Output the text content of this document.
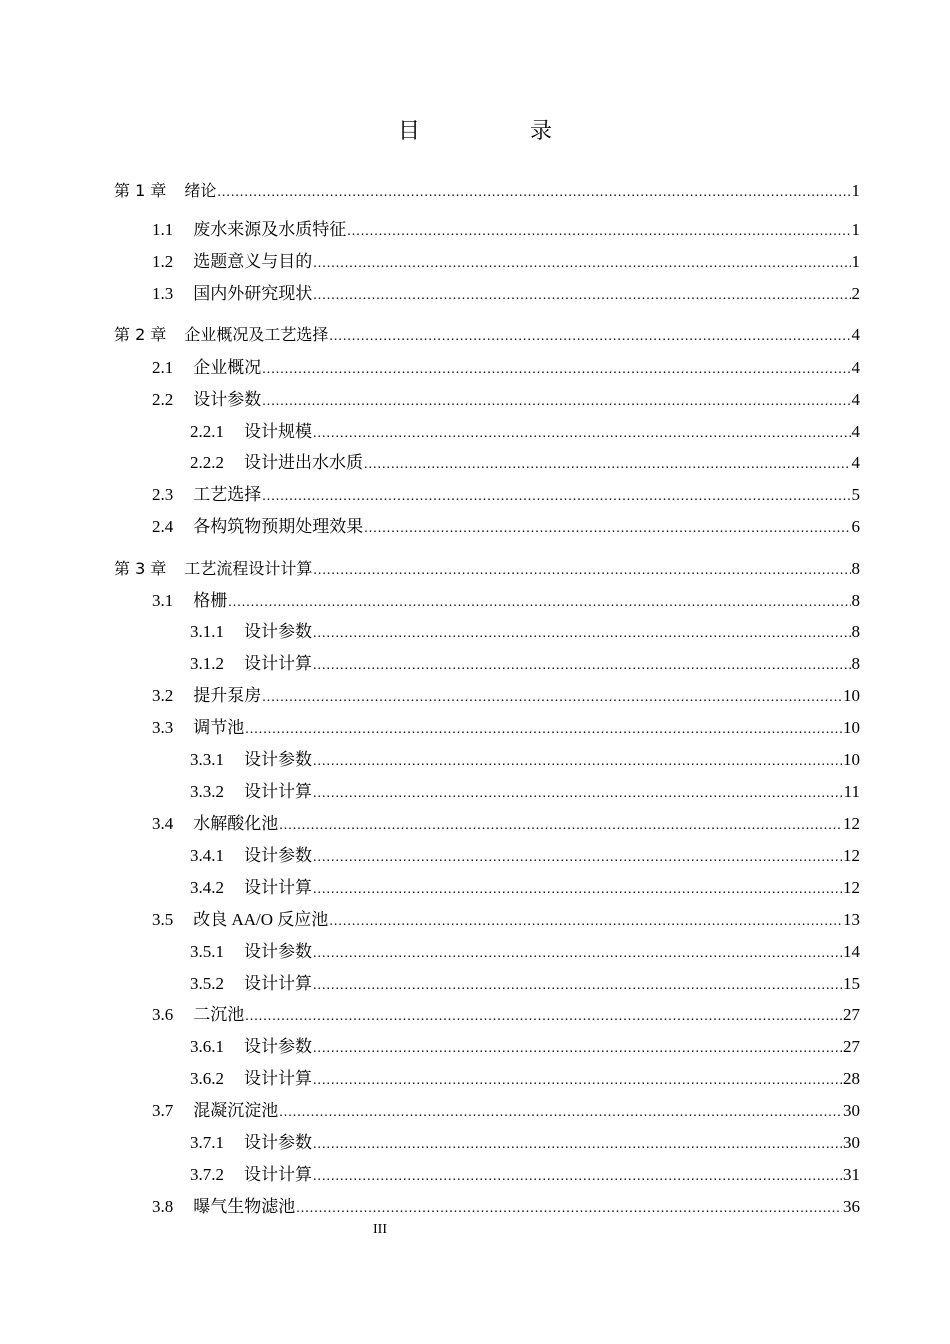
目　录
第 1 章 绪论 .....	1
1.1 废水来源及水质特征 .....	1
1.2 选题意义与目的 .....	1
1.3 国内外研究现状 .....	2
第 2 章 企业概况及工艺选择 .....	4
2.1 企业概况 .....	4
2.2 设计参数 .....	4
2.2.1 设计规模 .....	4
2.2.2 设计进出水水质 .....	4
2.3 工艺选择 .....	5
2.4 各构筑物预期处理效果 .....	6
第 3 章 工艺流程设计计算 .....	8
3.1 格栅 .....	8
3.1.1 设计参数 .....	8
3.1.2 设计计算 .....	8
3.2 提升泵房 .....	10
3.3 调节池 .....	10
3.3.1 设计参数 .....	10
3.3.2 设计计算 .....	11
3.4 水解酸化池 .....	12
3.4.1 设计参数 .....	12
3.4.2 设计计算 .....	12
3.5 改良 AA/O 反应池 .....	13
3.5.1 设计参数 .....	14
3.5.2 设计计算 .....	15
3.6 二沉池 .....	27
3.6.1 设计参数 .....	27
3.6.2 设计计算 .....	28
3.7 混凝沉淀池 .....	30
3.7.1 设计参数 .....	30
3.7.2 设计计算 .....	31
3.8 曝气生物滤池 .....	36
III
